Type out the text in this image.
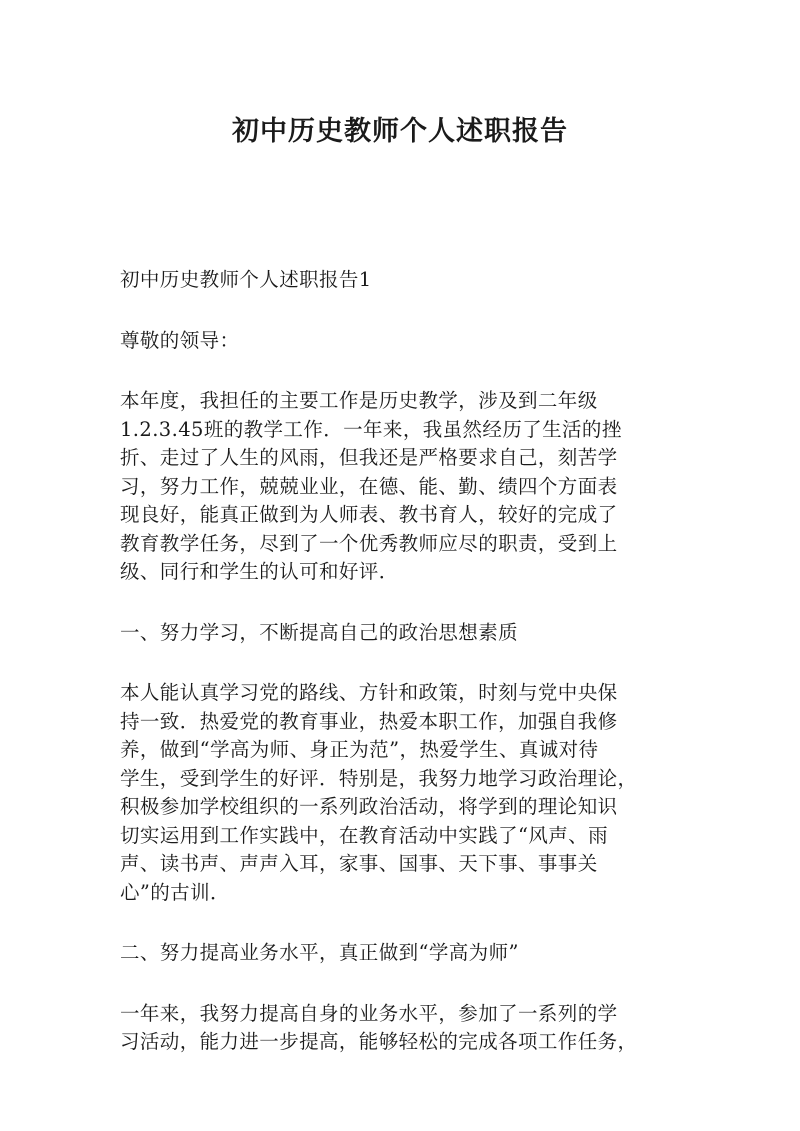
初中历史教师个人述职报告

初中历史教师个人述职报告1

尊敬的领导：

本年度，我担任的主要工作是历史教学，涉及到二年级
1.2.3.45班的教学工作．一年来，我虽然经历了生活的挫
折、走过了人生的风雨，但我还是严格要求自己，刻苦学
习，努力工作，兢兢业业，在德、能、勤、绩四个方面表
现良好，能真正做到为人师表、教书育人，较好的完成了
教育教学任务，尽到了一个优秀教师应尽的职责，受到上
级、同行和学生的认可和好评．

一、努力学习，不断提高自己的政治思想素质

本人能认真学习党的路线、方针和政策，时刻与党中央保
持一致．热爱党的教育事业，热爱本职工作，加强自我修
养，做到“学高为师、身正为范”，热爱学生、真诚对待
学生，受到学生的好评．特别是，我努力地学习政治理论，
积极参加学校组织的一系列政治活动，将学到的理论知识
切实运用到工作实践中，在教育活动中实践了“风声、雨
声、读书声、声声入耳，家事、国事、天下事、事事关
心”的古训．

二、努力提高业务水平，真正做到“学高为师”

一年来，我努力提高自身的业务水平，参加了一系列的学
习活动，能力进一步提高，能够轻松的完成各项工作任务，
